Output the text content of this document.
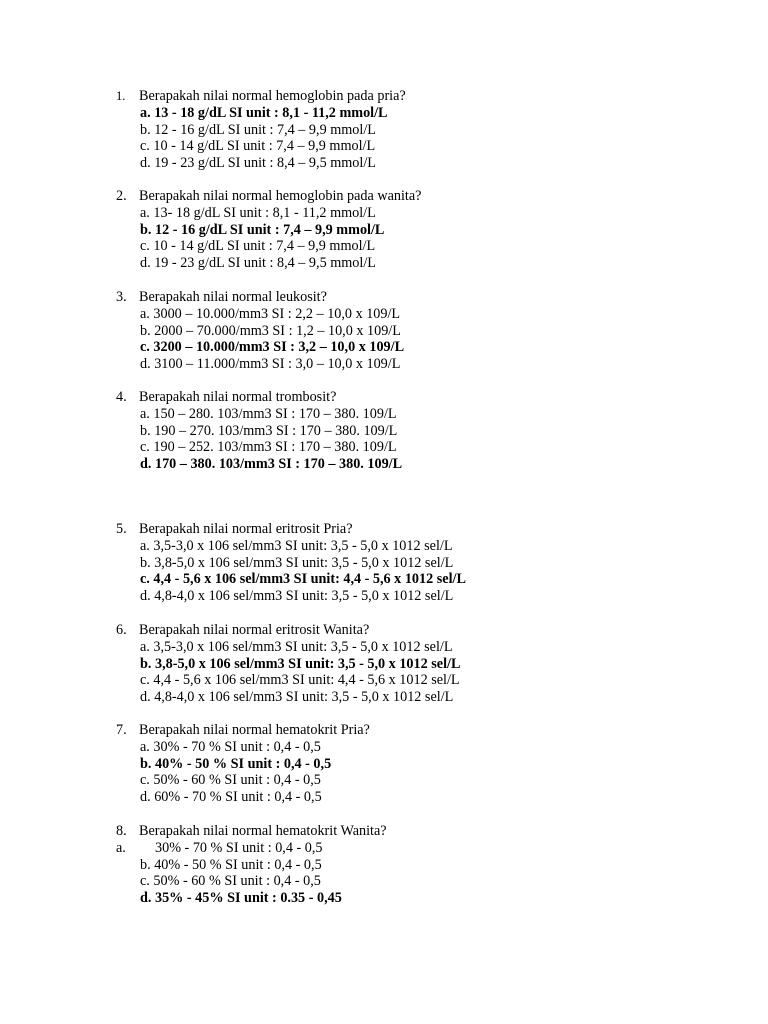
1. Berapakah nilai normal hemoglobin pada pria?
a. 13 - 18 g/dL SI unit : 8,1 - 11,2 mmol/L
b. 12 - 16 g/dL SI unit : 7,4 – 9,9 mmol/L
c. 10 - 14 g/dL SI unit : 7,4 – 9,9 mmol/L
d. 19 - 23 g/dL SI unit : 8,4 – 9,5 mmol/L
2. Berapakah nilai normal hemoglobin pada wanita?
a. 13- 18 g/dL SI unit : 8,1 - 11,2 mmol/L
b. 12 - 16 g/dL SI unit : 7,4 – 9,9 mmol/L
c. 10 - 14 g/dL SI unit : 7,4 – 9,9 mmol/L
d. 19 - 23 g/dL SI unit : 8,4 – 9,5 mmol/L
3. Berapakah nilai normal leukosit?
a. 3000 – 10.000/mm3 SI : 2,2 – 10,0 x 109/L
b. 2000 – 70.000/mm3 SI : 1,2 – 10,0 x 109/L
c. 3200 – 10.000/mm3 SI : 3,2 – 10,0 x 109/L
d. 3100 – 11.000/mm3 SI : 3,0 – 10,0 x 109/L
4. Berapakah nilai normal trombosit?
a. 150 – 280. 103/mm3 SI : 170 – 380. 109/L
b. 190 – 270. 103/mm3 SI : 170 – 380. 109/L
c. 190 – 252. 103/mm3 SI : 170 – 380. 109/L
d. 170 – 380. 103/mm3 SI : 170 – 380. 109/L
5. Berapakah nilai normal eritrosit Pria?
a. 3,5-3,0 x 106 sel/mm3 SI unit: 3,5 - 5,0 x 1012 sel/L
b. 3,8-5,0 x 106 sel/mm3 SI unit: 3,5 - 5,0 x 1012 sel/L
c. 4,4 - 5,6 x 106 sel/mm3 SI unit: 4,4 - 5,6 x 1012 sel/L
d. 4,8-4,0 x 106 sel/mm3 SI unit: 3,5 - 5,0 x 1012 sel/L
6. Berapakah nilai normal eritrosit Wanita?
a. 3,5-3,0 x 106 sel/mm3 SI unit: 3,5 - 5,0 x 1012 sel/L
b. 3,8-5,0 x 106 sel/mm3 SI unit: 3,5 - 5,0 x 1012 sel/L
c. 4,4 - 5,6 x 106 sel/mm3 SI unit: 4,4 - 5,6 x 1012 sel/L
d. 4,8-4,0 x 106 sel/mm3 SI unit: 3,5 - 5,0 x 1012 sel/L
7. Berapakah nilai normal hematokrit Pria?
a. 30% - 70 % SI unit : 0,4 - 0,5
b. 40% - 50 % SI unit : 0,4 - 0,5
c. 50% - 60 % SI unit : 0,4 - 0,5
d. 60% - 70 % SI unit : 0,4 - 0,5
8. Berapakah nilai normal hematokrit Wanita?
a. 30% - 70 % SI unit : 0,4 - 0,5
b. 40% - 50 % SI unit : 0,4 - 0,5
c. 50% - 60 % SI unit : 0,4 - 0,5
d. 35% - 45% SI unit : 0.35 - 0,45
